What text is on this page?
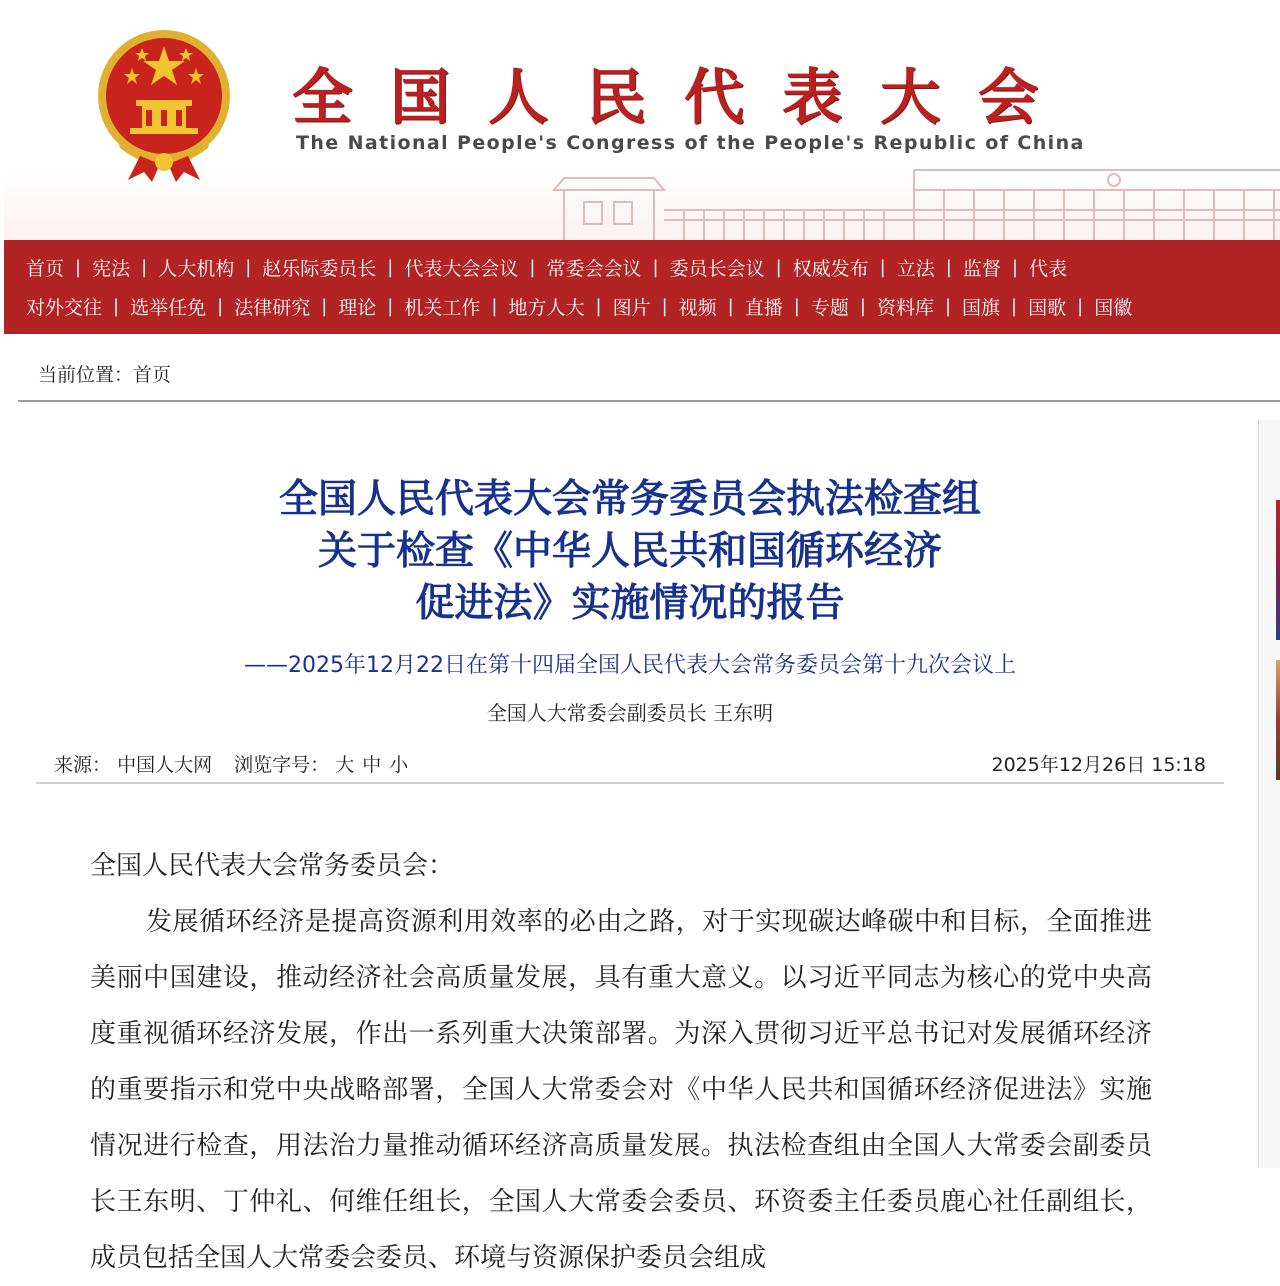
全国人民代表大会
The National People's Congress of the People's Republic of China
首页 | 宪法 | 人大机构 | 赵乐际委员长 | 代表大会会议 | 常委会会议 | 委员长会议 | 权威发布 | 立法 | 监督 | 代表
对外交往 | 选举任免 | 法律研究 | 理论 | 机关工作 | 地方人大 | 图片 | 视频 | 直播 | 专题 | 资料库 | 国旗 | 国歌 | 国徽
当前位置：首页
全国人民代表大会常务委员会执法检查组
关于检查《中华人民共和国循环经济
促进法》实施情况的报告
——2025年12月22日在第十四届全国人民代表大会常务委员会第十九次会议上
全国人大常委会副委员长 王东明
来源： 中国人大网 浏览字号： 大 中 小	2025年12月26日 15:18
全国人民代表大会常务委员会：
发展循环经济是提高资源利用效率的必由之路，对于实现碳达峰碳中和目标，全面推进美丽中国建设，推动经济社会高质量发展，具有重大意义。以习近平同志为核心的党中央高度重视循环经济发展，作出一系列重大决策部署。为深入贯彻习近平总书记对发展循环经济的重要指示和党中央战略部署，全国人大常委会对《中华人民共和国循环经济促进法》实施情况进行检查，用法治力量推动循环经济高质量发展。执法检查组由全国人大常委会副委员长王东明、丁仲礼、何维任组长，全国人大常委会委员、环资委主任委员鹿心社任副组长，成员包括全国人大常委会委员、环境与资源保护委员会组成
